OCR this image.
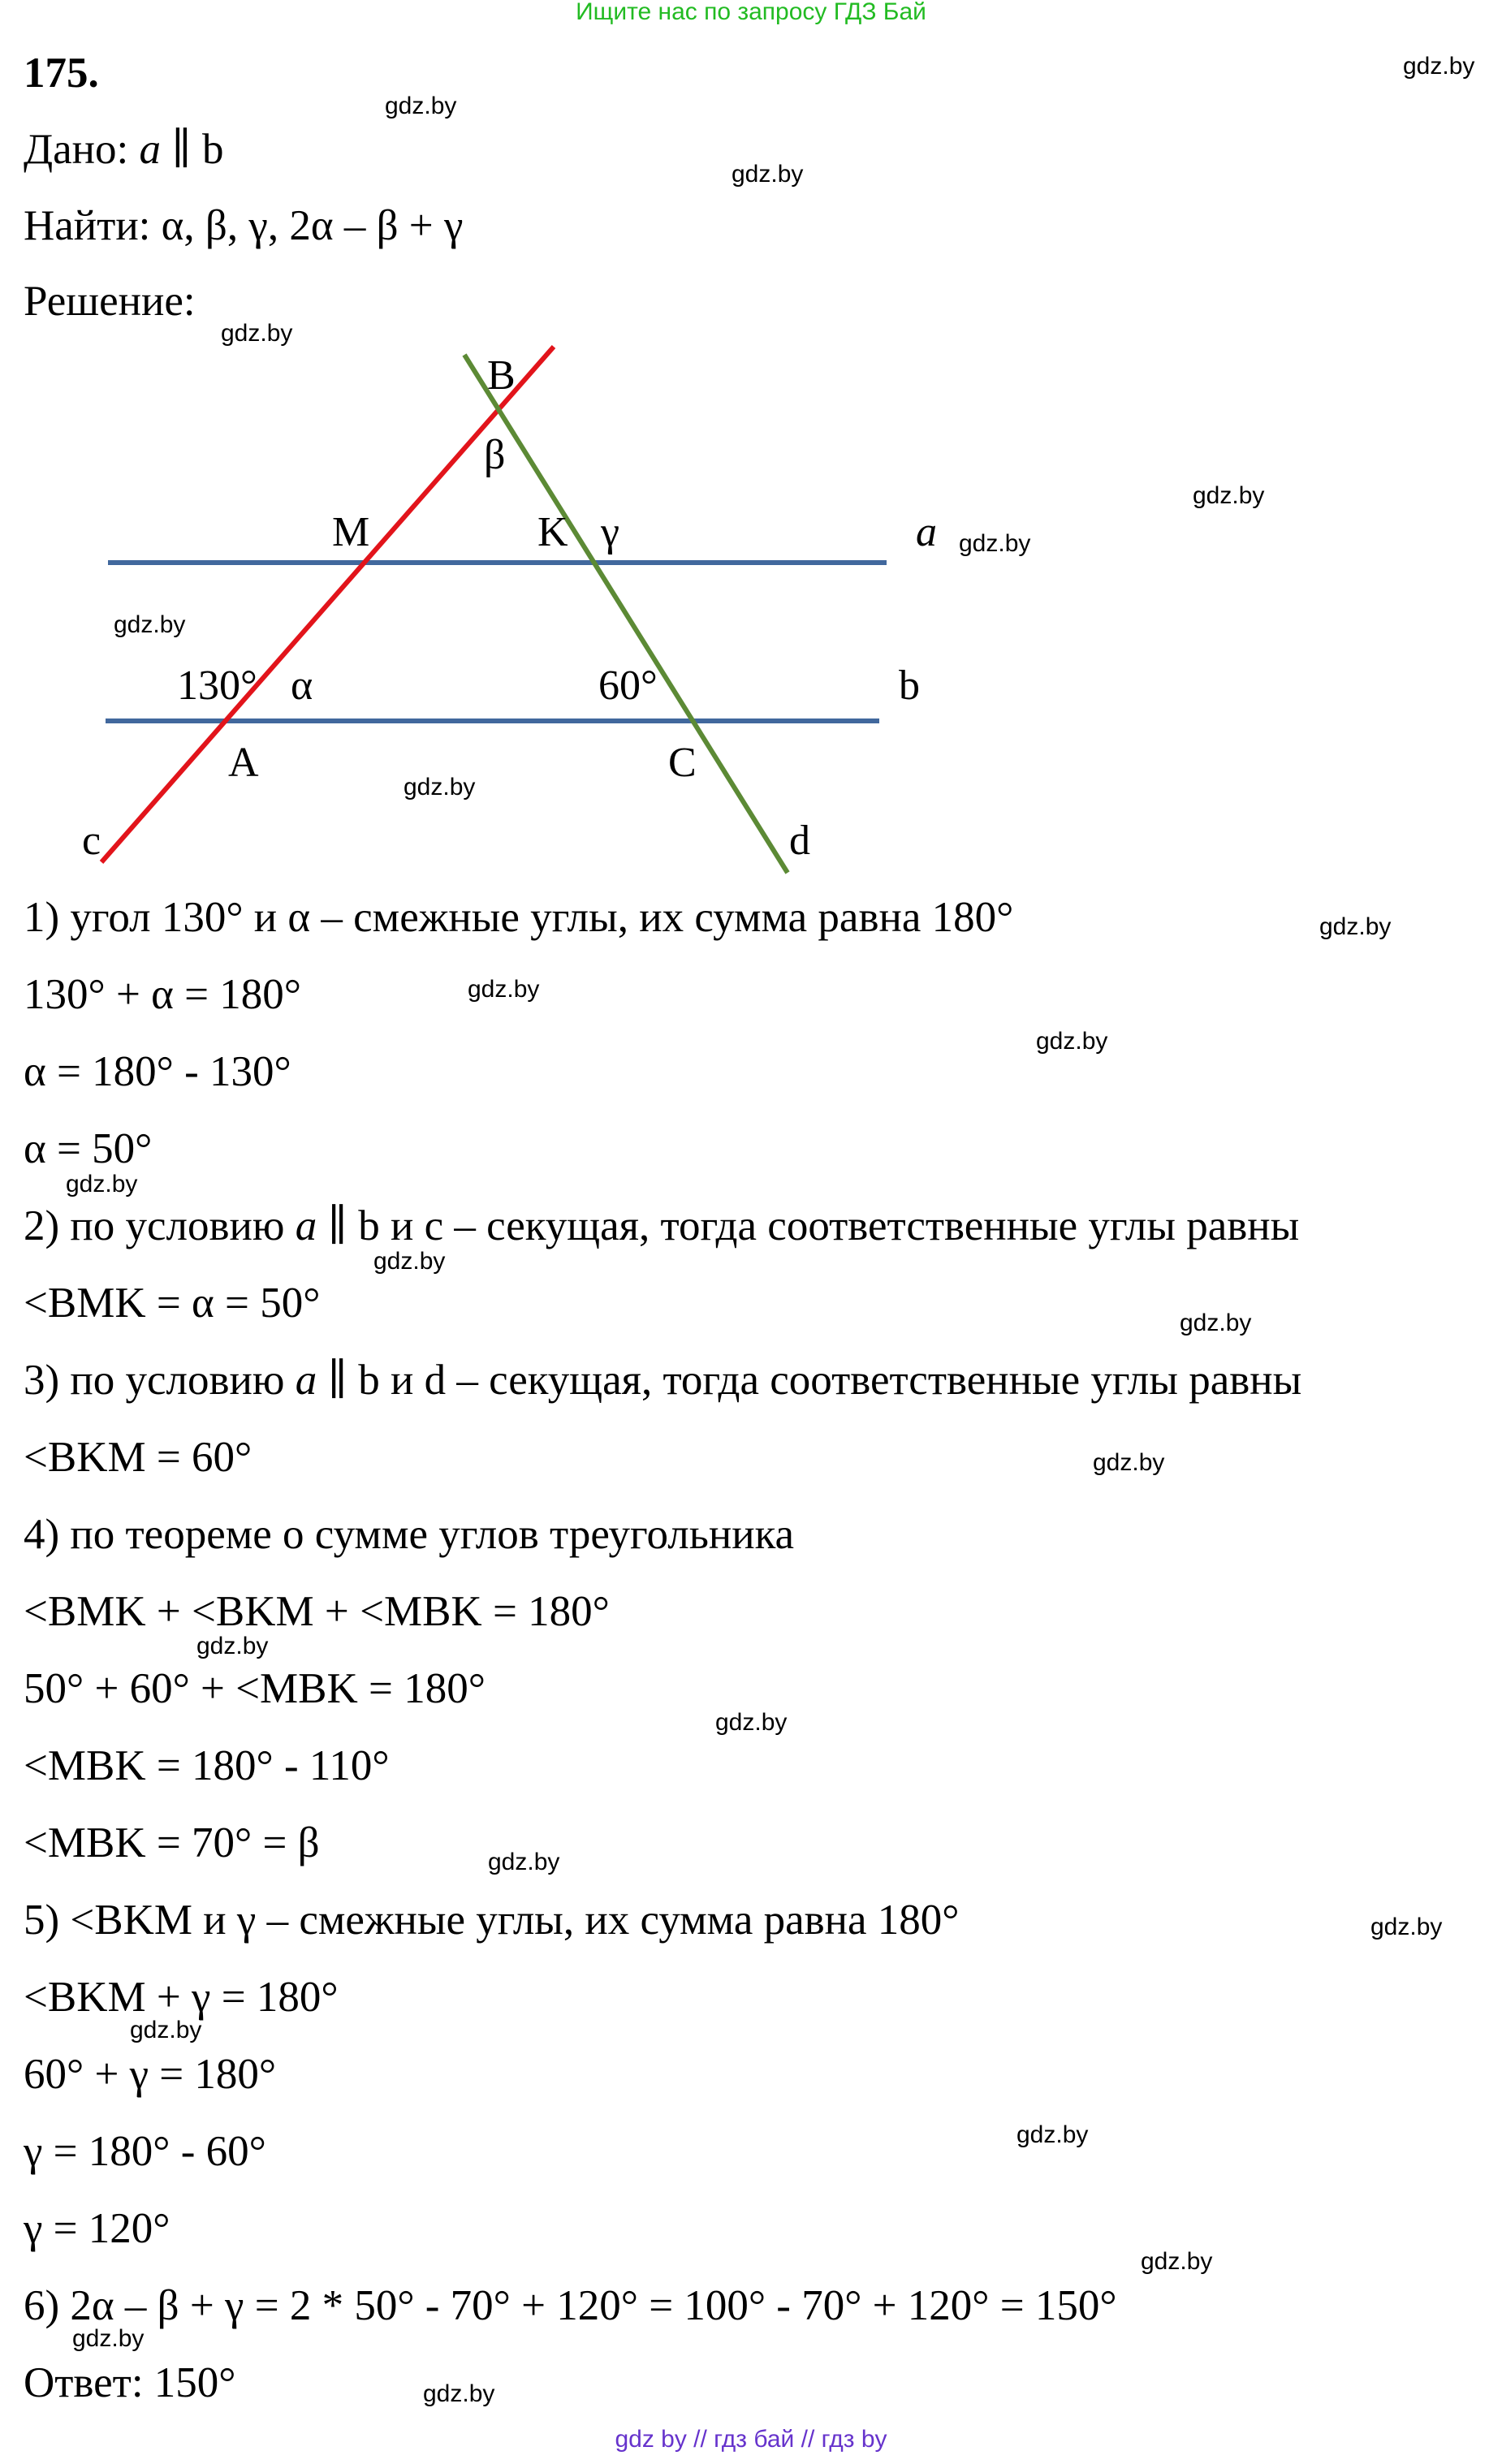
Ищите нас по запросу ГДЗ Бай
175.
Дано: a ∥ b
Найти: α, β, γ, 2α – β + γ
Решение:
B
β
M	K γ	a
130° α	60°	b
A	C
c	d
1) угол 130° и α – смежные углы, их сумма равна 180°
130° + α = 180°
α = 180° - 130°
α = 50°
2) по условию a ∥ b и c – секущая, тогда соответственные углы равны
<BMK = α = 50°
3) по условию a ∥ b и d – секущая, тогда соответственные углы равны
<BKM = 60°
4) по теореме о сумме углов треугольника
<BMK + <BKM + <MBK = 180°
50° + 60° + <MBK = 180°
<MBK = 180° - 110°
<MBK = 70° = β
5) <BKM и γ – смежные углы, их сумма равна 180°
<BKM + γ = 180°
60° + γ = 180°
γ = 180° - 60°
γ = 120°
6) 2α – β + γ = 2 * 50° - 70° + 120° = 100° - 70° + 120° = 150°
Ответ: 150°
gdz.by
gdz.by
gdz.by
gdz.by
gdz.by
gdz.by
gdz.by
gdz.by
gdz.by
gdz.by
gdz.by
gdz.by
gdz.by
gdz.by
gdz.by
gdz.by
gdz.by
gdz.by
gdz.by
gdz.by
gdz.by
gdz.by
gdz.by
gdz.by
gdz by // гдз бай // гдз by
